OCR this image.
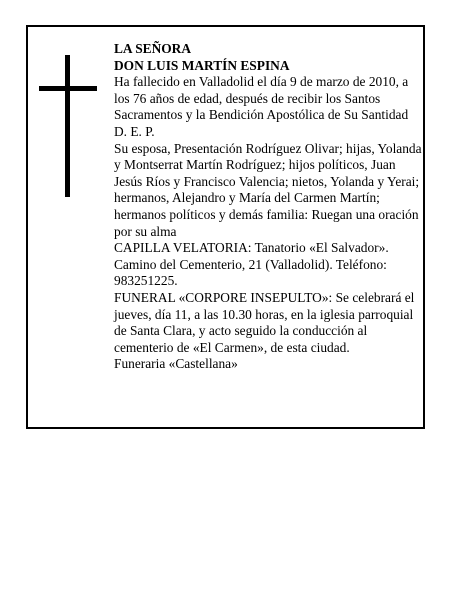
LA SEÑORA

DON LUIS MARTÍN ESPINA

Ha fallecido en Valladolid el día 9 de marzo de 2010, a los 76 años de edad, después de recibir los Santos Sacramentos y la Bendición Apostólica de Su Santidad D. E. P.

Su esposa, Presentación Rodríguez Olivar; hijas, Yolanda y Montserrat Martín Rodríguez; hijos políticos, Juan Jesús Ríos y Francisco Valencia; nietos, Yolanda y Yerai; hermanos, Alejandro y María del Carmen Martín; hermanos políticos y demás familia: Ruegan una oración por su alma

CAPILLA VELATORIA: Tanatorio «El Salvador». Camino del Cementerio, 21 (Valladolid). Teléfono: 983251225.

FUNERAL «CORPORE INSEPULTO»: Se celebrará el jueves, día 11, a las 10.30 horas, en la iglesia parroquial de Santa Clara, y acto seguido la conducción al cementerio de «El Carmen», de esta ciudad.

Funeraria «Castellana»
